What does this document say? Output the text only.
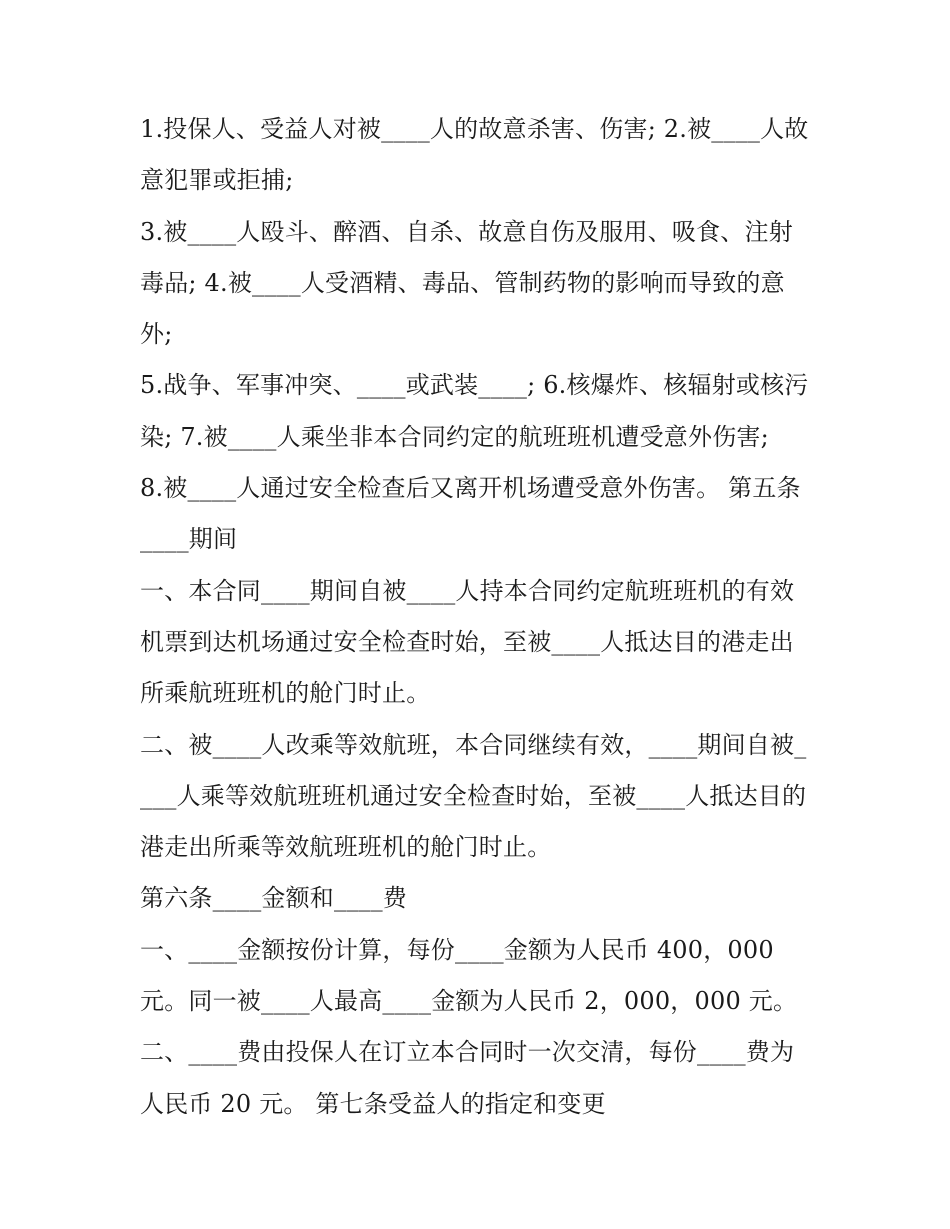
1.投保人、受益人对被____人的故意杀害、伤害; 2.被____人故意犯罪或拒捕;

3.被____人殴斗、醉酒、自杀、故意自伤及服用、吸食、注射毒品; 4.被____人受酒精、毒品、管制药物的影响而导致的意外;

5.战争、军事冲突、____或武装____; 6.核爆炸、核辐射或核污染; 7.被____人乘坐非本合同约定的航班班机遭受意外伤害;

8.被____人通过安全检查后又离开机场遭受意外伤害。 第五条____期间

一、本合同____期间自被____人持本合同约定航班班机的有效机票到达机场通过安全检查时始，至被____人抵达目的港走出所乘航班班机的舱门时止。

二、被____人改乘等效航班，本合同继续有效，____期间自被____人乘等效航班班机通过安全检查时始，至被____人抵达目的港走出所乘等效航班班机的舱门时止。

第六条____金额和____费

一、____金额按份计算，每份____金额为人民币 400，000 元。同一被____人最高____金额为人民币 2，000，000 元。

二、____费由投保人在订立本合同时一次交清，每份____费为人民币 20 元。 第七条受益人的指定和变更
